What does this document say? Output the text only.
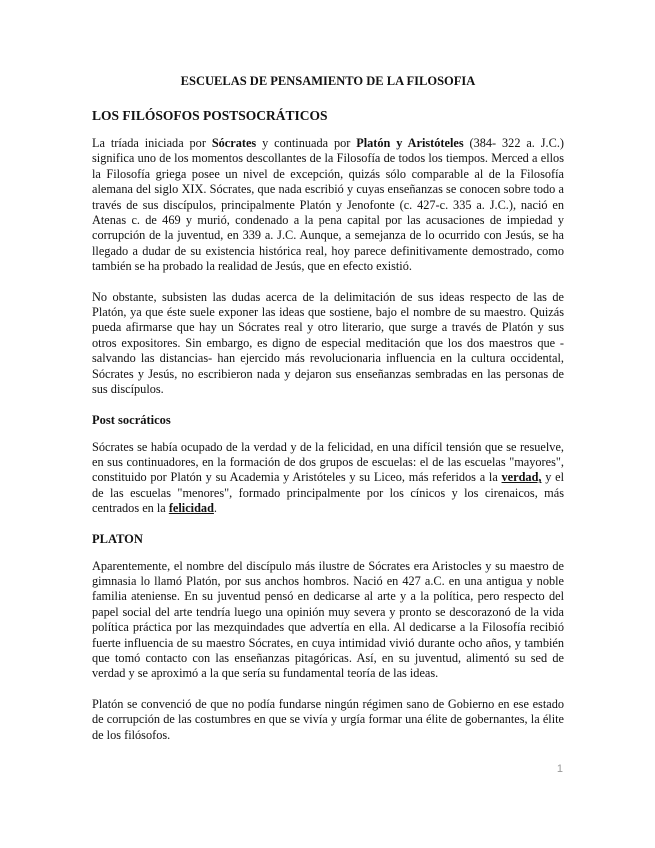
ESCUELAS DE PENSAMIENTO DE LA FILOSOFIA
LOS FILÓSOFOS POSTSOCRÁTICOS

La tríada iniciada por Sócrates y continuada por Platón y Aristóteles (384- 322 a. J.C.) significa uno de los momentos descollantes de la Filosofía de todos los tiempos. Merced a ellos la Filosofía griega posee un nivel de excepción, quizás sólo comparable al de la Filosofía alemana del siglo XIX. Sócrates, que nada escribió y cuyas enseñanzas se conocen sobre todo a través de sus discípulos, principalmente Platón y Jenofonte (c. 427-c. 335 a. J.C.), nació en Atenas c. de 469 y murió, condenado a la pena capital por las acusaciones de impiedad y corrupción de la juventud, en 339 a. J.C. Aunque, a semejanza de lo ocurrido con Jesús, se ha llegado a dudar de su existencia histórica real, hoy parece definitivamente demostrado, como también se ha probado la realidad de Jesús, que en efecto existió.

No obstante, subsisten las dudas acerca de la delimitación de sus ideas respecto de las de Platón, ya que éste suele exponer las ideas que sostiene, bajo el nombre de su maestro. Quizás pueda afirmarse que hay un Sócrates real y otro literario, que surge a través de Platón y sus otros expositores. Sin embargo, es digno de especial meditación que los dos maestros que -salvando las distancias- han ejercido más revolucionaria influencia en la cultura occidental, Sócrates y Jesús, no escribieron nada y dejaron sus enseñanzas sembradas en las personas de sus discípulos.

Post socráticos

Sócrates se había ocupado de la verdad y de la felicidad, en una difícil tensión que se resuelve, en sus continuadores, en la formación de dos grupos de escuelas: el de las escuelas "mayores", constituido por Platón y su Academia y Aristóteles y su Liceo, más referidos a la verdad, y el de las escuelas "menores", formado principalmente por los cínicos y los cirenaicos, más centrados en la felicidad.

PLATON

Aparentemente, el nombre del discípulo más ilustre de Sócrates era Aristocles y su maestro de gimnasia lo llamó Platón, por sus anchos hombros. Nació en 427 a.C. en una antigua y noble familia ateniense. En su juventud pensó en dedicarse al arte y a la política, pero respecto del papel social del arte tendría luego una opinión muy severa y pronto se descorazonó de la vida política práctica por las mezquindades que advertía en ella. Al dedicarse a la Filosofía recibió fuerte influencia de su maestro Sócrates, en cuya intimidad vivió durante ocho años, y también que tomó contacto con las enseñanzas pitagóricas. Así, en su juventud, alimentó su sed de verdad y se aproximó a la que sería su fundamental teoría de las ideas.

Platón se convenció de que no podía fundarse ningún régimen sano de Gobierno en ese estado de corrupción de las costumbres en que se vivía y urgía formar una élite de gobernantes, la élite de los filósofos.

1
